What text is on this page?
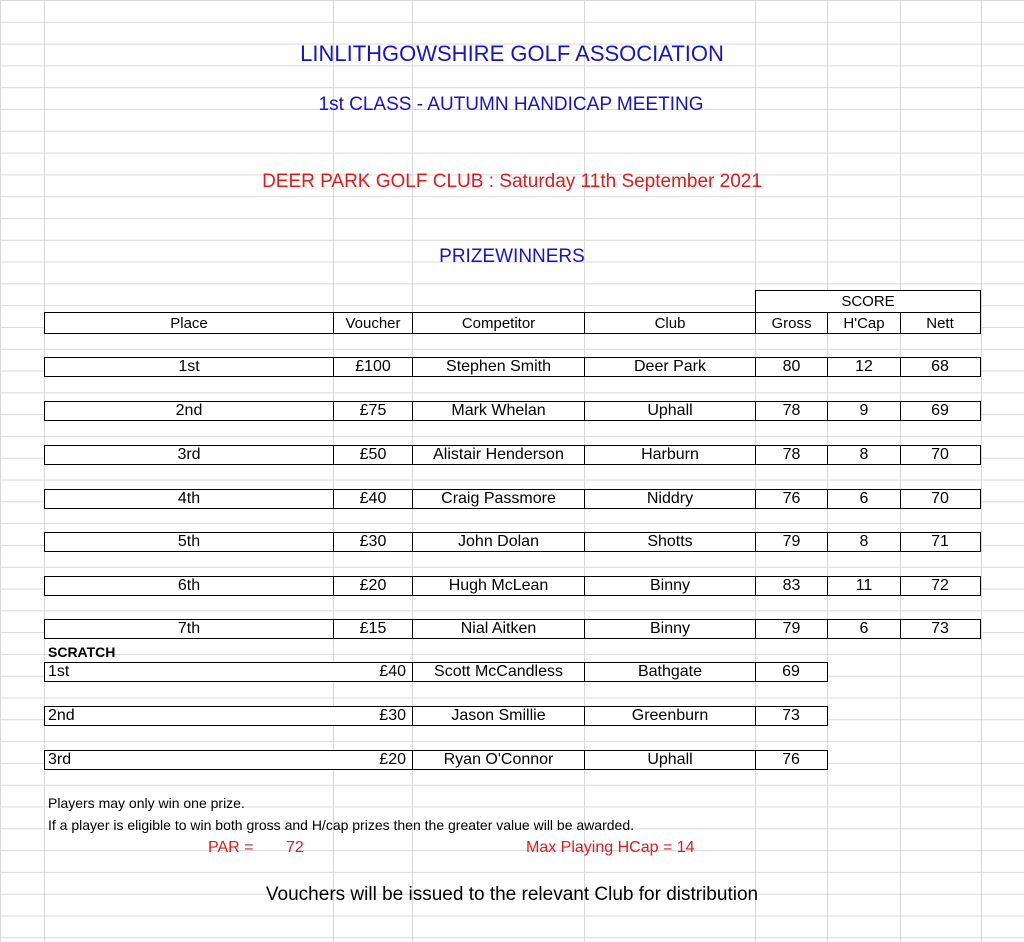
LINLITHGOWSHIRE GOLF ASSOCIATION
1st CLASS - AUTUMN HANDICAP MEETING
DEER PARK GOLF CLUB : Saturday 11th September 2021
PRIZEWINNERS
SCORE
Place	Voucher	Competitor	Club	Gross	H'Cap	Nett
1st	£100	Stephen Smith	Deer Park	80	12	68
2nd	£75	Mark Whelan	Uphall	78	9	69
3rd	£50	Alistair Henderson	Harburn	78	8	70
4th	£40	Craig Passmore	Niddry	76	6	70
5th	£30	John Dolan	Shotts	79	8	71
6th	£20	Hugh McLean	Binny	83	11	72
7th	£15	Nial Aitken	Binny	79	6	73
SCRATCH
1st	£40	Scott McCandless	Bathgate	69
2nd	£30	Jason Smillie	Greenburn	73
3rd	£20	Ryan O'Connor	Uphall	76
Players may only win one prize.
If a player is eligible to win both gross and H/cap prizes then the greater value will be awarded.
PAR = 72	Max Playing HCap = 14
Vouchers will be issued to the relevant Club for distribution
